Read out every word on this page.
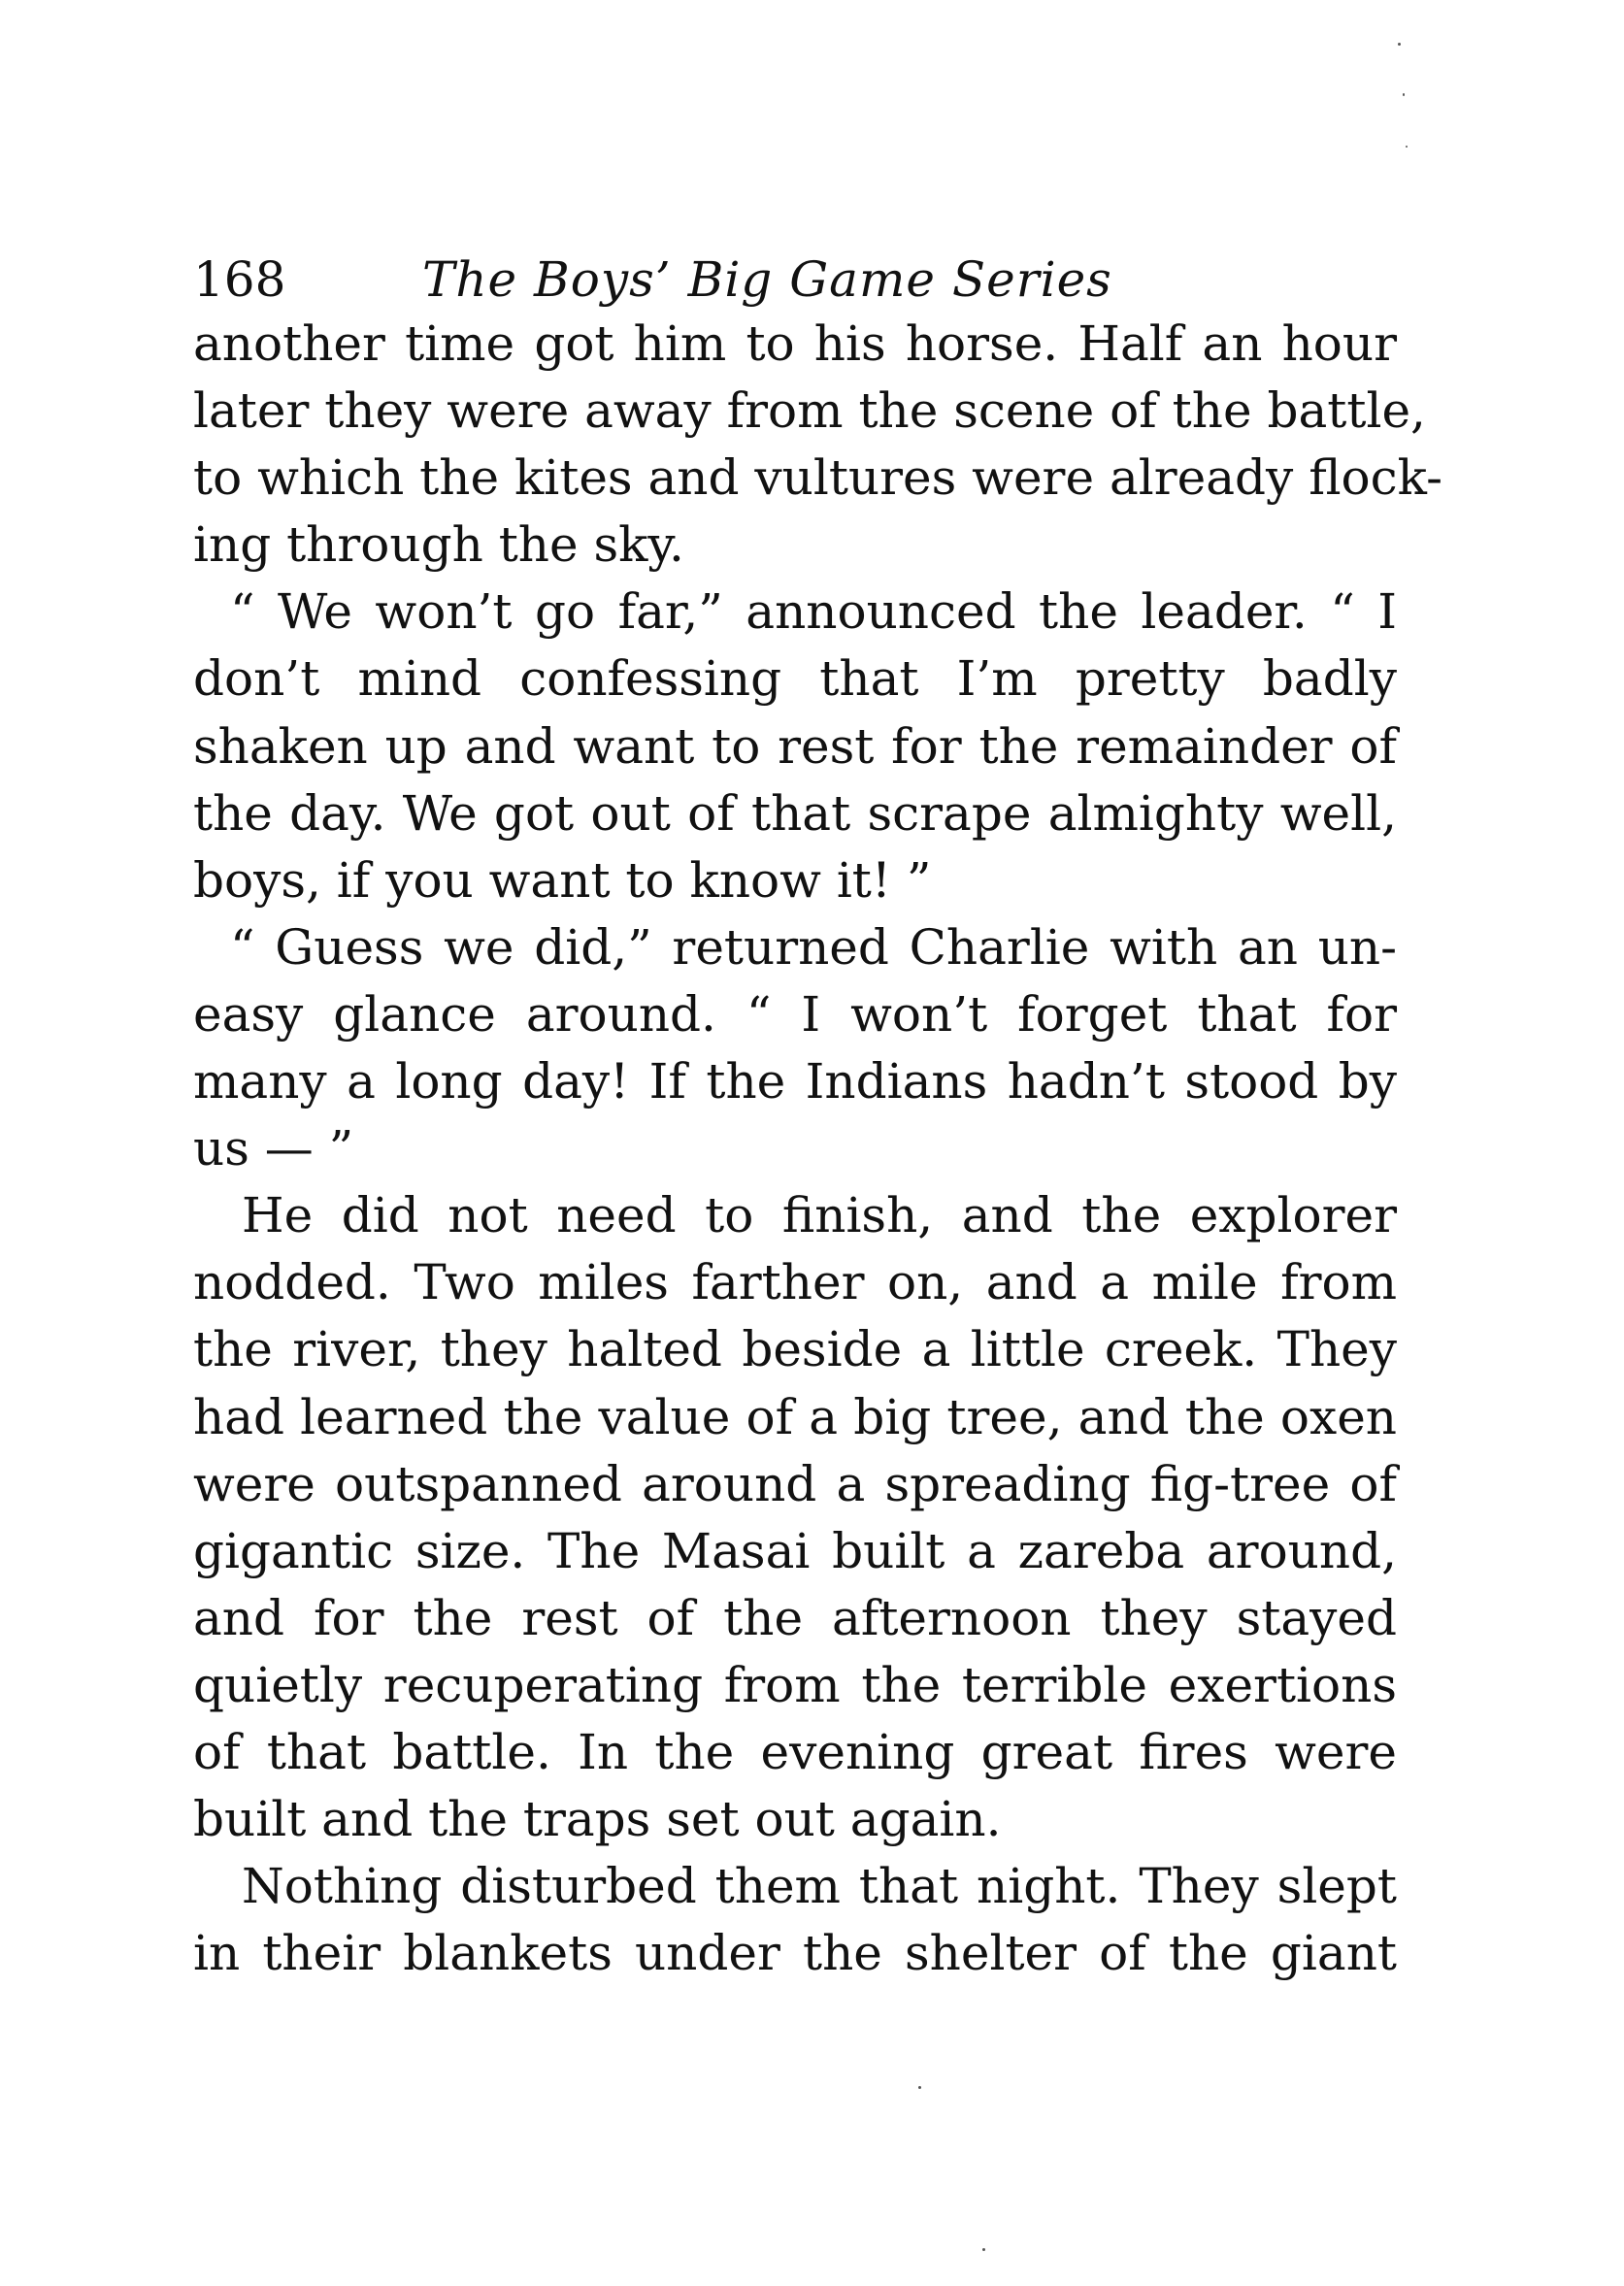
168	The Boys’ Big Game Series
another time got him to his horse. Half an hour
later they were away from the scene of the battle,
to which the kites and vultures were already flock-
ing through the sky.
“ We won’t go far,” announced the leader. “ I
don’t mind confessing that I’m pretty badly
shaken up and want to rest for the remainder of
the day. We got out of that scrape almighty well,
boys, if you want to know it! ”
“ Guess we did,” returned Charlie with an un-
easy glance around. “ I won’t forget that for
many a long day! If the Indians hadn’t stood by
us — ”
He did not need to finish, and the explorer
nodded. Two miles farther on, and a mile from
the river, they halted beside a little creek. They
had learned the value of a big tree, and the oxen
were outspanned around a spreading fig-tree of
gigantic size. The Masai built a zareba around,
and for the rest of the afternoon they stayed
quietly recuperating from the terrible exertions
of that battle. In the evening great fires were
built and the traps set out again.
Nothing disturbed them that night. They slept
in their blankets under the shelter of the giant
